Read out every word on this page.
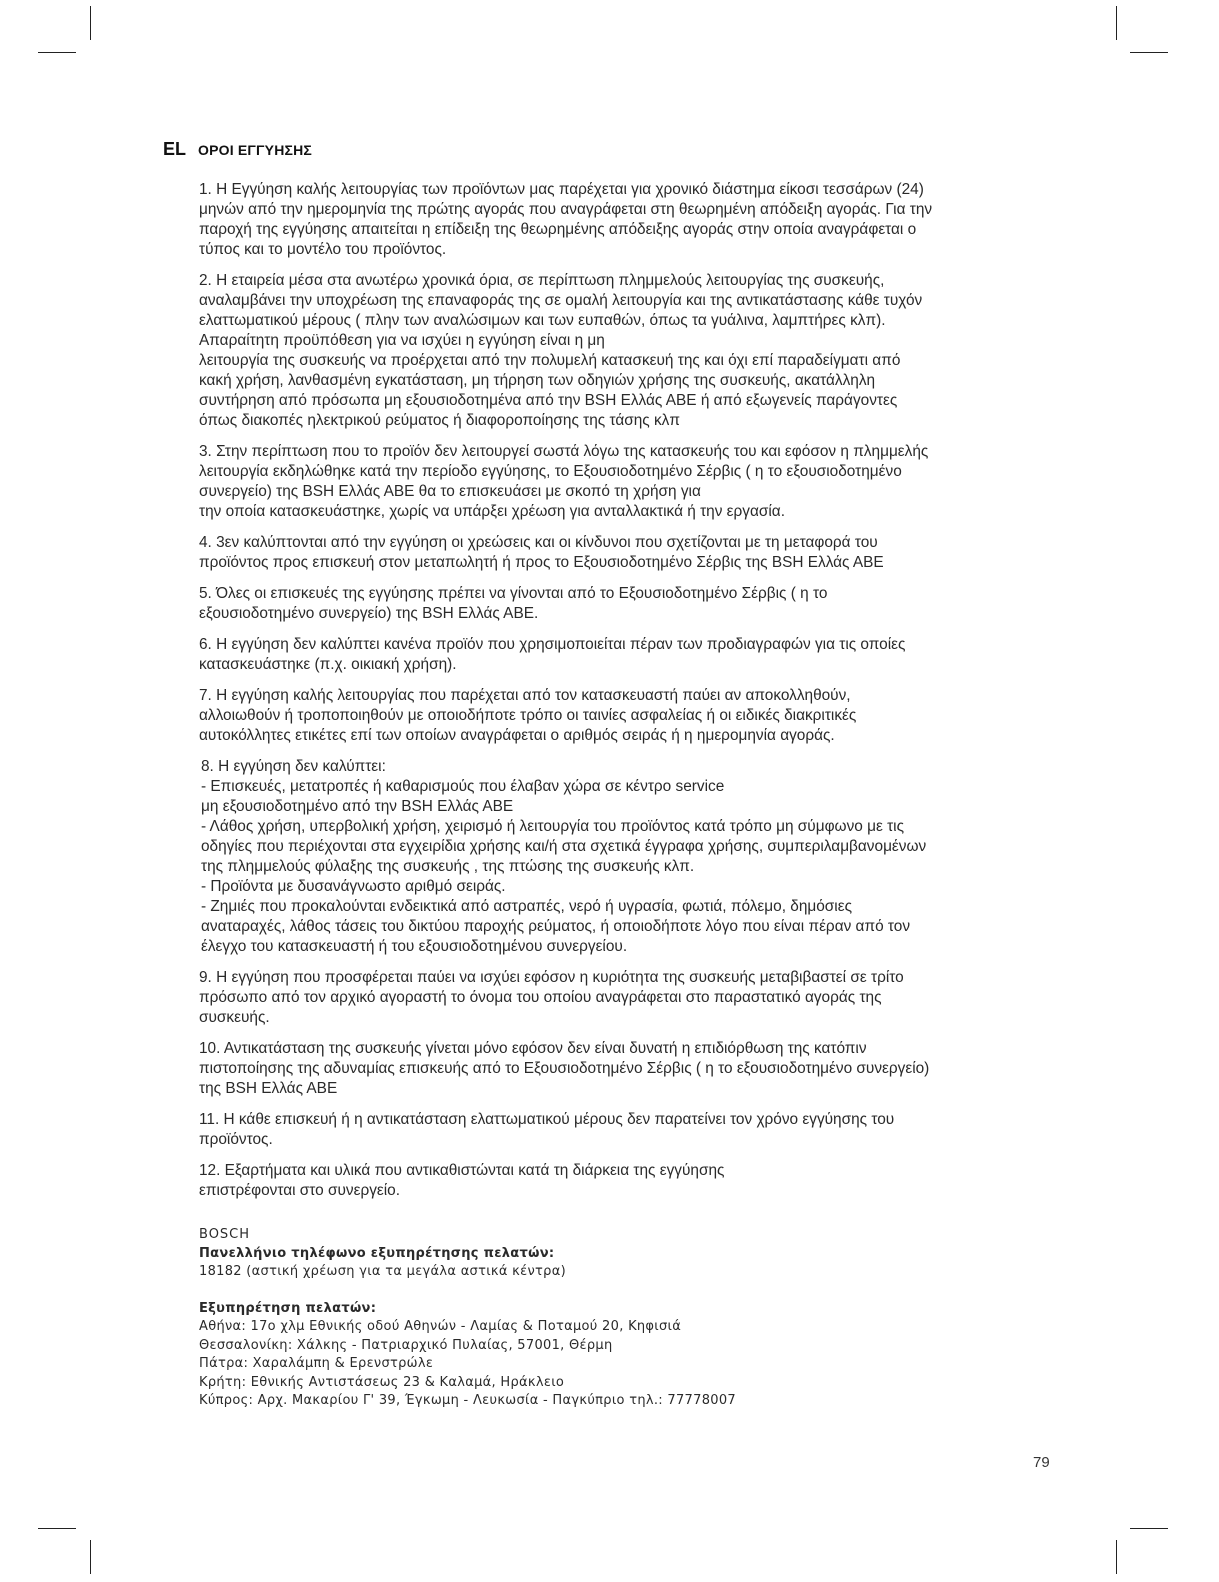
EL ΟΡΟΙ ΕΓΓΥΗΣΗΣ
1. Η Εγγύηση καλής λειτουργίας των προϊόντων μας παρέχεται για χρονικό διάστημα είκοσι τεσσάρων (24)
μηνών από την ημερομηνία της πρώτης αγοράς που αναγράφεται στη θεωρημένη απόδειξη αγοράς. Για την
παροχή της εγγύησης απαιτείται η επίδειξη της θεωρημένης απόδειξης αγοράς στην οποία αναγράφεται ο
τύπος και το μοντέλο του προϊόντος.
2. Η εταιρεία μέσα στα ανωτέρω χρονικά όρια, σε περίπτωση πλημμελούς λειτουργίας της συσκευής,
αναλαμβάνει την υποχρέωση της επαναφοράς της σε ομαλή λειτουργία και της αντικατάστασης κάθε τυχόν
ελαττωματικού μέρους ( πλην των αναλώσιμων και των ευπαθών, όπως τα γυάλινα, λαμπτήρες κλπ).
Απαραίτητη προϋπόθεση για να ισχύει η εγγύηση είναι η μη
λειτουργία της συσκευής να προέρχεται από την πολυμελή κατασκευή της και όχι επί παραδείγματι από
κακή χρήση, λανθασμένη εγκατάσταση, μη τήρηση των οδηγιών χρήσης της συσκευής, ακατάλληλη
συντήρηση από πρόσωπα μη εξουσιοδοτημένα από την BSH Ελλάς ΑΒΕ ή από εξωγενείς παράγοντες
όπως διακοπές ηλεκτρικού ρεύματος ή διαφοροποίησης της τάσης κλπ
3. Στην περίπτωση που το προϊόν δεν λειτουργεί σωστά λόγω της κατασκευής του και εφόσον η πλημμελής
λειτουργία εκδηλώθηκε κατά την περίοδο εγγύησης, το Εξουσιοδοτημένο Σέρβις ( η το εξουσιοδοτημένο
συνεργείο) της BSH Ελλάς ΑΒΕ θα το επισκευάσει με σκοπό τη χρήση για
την οποία κατασκευάστηκε, χωρίς να υπάρξει χρέωση για ανταλλακτικά ή την εργασία.
4. 3εν καλύπτονται από την εγγύηση οι χρεώσεις και οι κίνδυνοι που σχετίζονται με τη μεταφορά του
προϊόντος προς επισκευή στον μεταπωλητή ή προς το Εξουσιοδοτημένο Σέρβις της BSH Ελλάς ΑΒΕ
5. Όλες οι επισκευές της εγγύησης πρέπει να γίνονται από το Εξουσιοδοτημένο Σέρβις ( η το
εξουσιοδοτημένο συνεργείο) της BSH Ελλάς ΑΒΕ.
6. Η εγγύηση δεν καλύπτει κανένα προϊόν που χρησιμοποιείται πέραν των προδιαγραφών για τις οποίες
κατασκευάστηκε (π.χ. οικιακή χρήση).
7. Η εγγύηση καλής λειτουργίας που παρέχεται από τον κατασκευαστή παύει αν αποκολληθούν,
αλλοιωθούν ή τροποποιηθούν με οποιοδήποτε τρόπο οι ταινίες ασφαλείας ή οι ειδικές διακριτικές
αυτοκόλλητες ετικέτες επί των οποίων αναγράφεται ο αριθμός σειράς ή η ημερομηνία αγοράς.
8. Η εγγύηση δεν καλύπτει:
- Επισκευές, μετατροπές ή καθαρισμούς που έλαβαν χώρα σε κέντρο service
μη εξουσιοδοτημένο από την BSH Ελλάς ΑΒΕ
- Λάθος χρήση, υπερβολική χρήση, χειρισμό ή λειτουργία του προϊόντος κατά τρόπο μη σύμφωνο με τις
οδηγίες που περιέχονται στα εγχειρίδια χρήσης και/ή στα σχετικά έγγραφα χρήσης, συμπεριλαμβανομένων
της πλημμελούς φύλαξης της συσκευής , της πτώσης της συσκευής κλπ.
- Προϊόντα με δυσανάγνωστο αριθμό σειράς.
- Ζημιές που προκαλούνται ενδεικτικά από αστραπές, νερό ή υγρασία, φωτιά, πόλεμο, δημόσιες
αναταραχές, λάθος τάσεις του δικτύου παροχής ρεύματος, ή οποιοδήποτε λόγο που είναι πέραν από τον
έλεγχο του κατασκευαστή ή του εξουσιοδοτημένου συνεργείου.
9. Η εγγύηση που προσφέρεται παύει να ισχύει εφόσον η κυριότητα της συσκευής μεταβιβαστεί σε τρίτο
πρόσωπο από τον αρχικό αγοραστή το όνομα του οποίου αναγράφεται στο παραστατικό αγοράς της
συσκευής.
10. Αντικατάσταση της συσκευής γίνεται μόνο εφόσον δεν είναι δυνατή η επιδιόρθωση της κατόπιν
πιστοποίησης της αδυναμίας επισκευής από το Εξουσιοδοτημένο Σέρβις ( η το εξουσιοδοτημένο συνεργείο)
της BSH Ελλάς ΑΒΕ
11. Η κάθε επισκευή ή η αντικατάσταση ελαττωματικού μέρους δεν παρατείνει τον χρόνο εγγύησης του
προϊόντος.
12. Εξαρτήματα και υλικά που αντικαθιστώνται κατά τη διάρκεια της εγγύησης
επιστρέφονται στο συνεργείο.
BOSCH
Πανελλήνιο τηλέφωνο εξυπηρέτησης πελατών:
18182 (αστική χρέωση για τα μεγάλα αστικά κέντρα)
Εξυπηρέτηση πελατών:
Αθήνα: 17ο χλμ Εθνικής οδού Αθηνών - Λαμίας & Ποταμού 20, Κηφισιά
Θεσσαλονίκη: Χάλκης - Πατριαρχικό Πυλαίας, 57001, Θέρμη
Πάτρα: Χαραλάμπη & Ερενστρώλε
Κρήτη: Εθνικής Αντιστάσεως 23 & Καλαμά, Ηράκλειο
Κύπρος: Αρχ. Μακαρίου Γ' 39, Έγκωμη - Λευκωσία - Παγκύπριο τηλ.: 77778007
79
